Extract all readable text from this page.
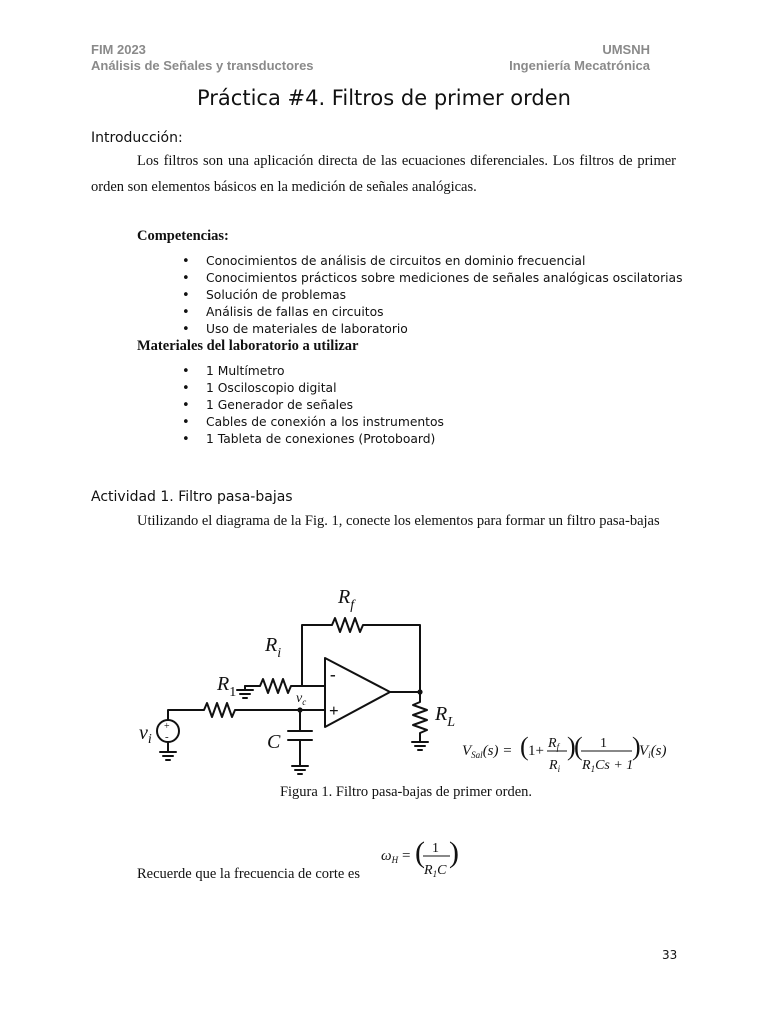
FIM 2023
Análisis de Señales y transductores
UMSNH
Ingeniería Mecatrónica
Práctica #4. Filtros de primer orden
Introducción:
Los filtros son una aplicación directa de las ecuaciones diferenciales. Los filtros de primer orden son elementos básicos en la medición de señales analógicas.
Competencias:
• Conocimientos de análisis de circuitos en dominio frecuencial
• Conocimientos prácticos sobre mediciones de señales analógicas oscilatorias
• Solución de problemas
• Análisis de fallas en circuitos
• Uso de materiales de laboratorio
Materiales del laboratorio a utilizar
• 1 Multímetro
• 1 Osciloscopio digital
• 1 Generador de señales
• Cables de conexión a los instrumentos
• 1 Tableta de conexiones (Protoboard)
Actividad 1. Filtro pasa-bajas
Utilizando el diagrama de la Fig. 1, conecte los elementos para formar un filtro pasa-bajas
$R_f$
$R_i$
$R_1$	$v_c$
C
$v_i$
$R_L$
-
+
+
-
$V_{Sal}(s)$ = ( $1+ R_f$
$R_i$
)
( 1
$R_1Cs + 1$
)
$V_i(s)$
$\omega_H$ = ( 1
$R_1C$
)
Figura 1. Filtro pasa-bajas de primer orden.
Recuerde que la frecuencia de corte es
33
